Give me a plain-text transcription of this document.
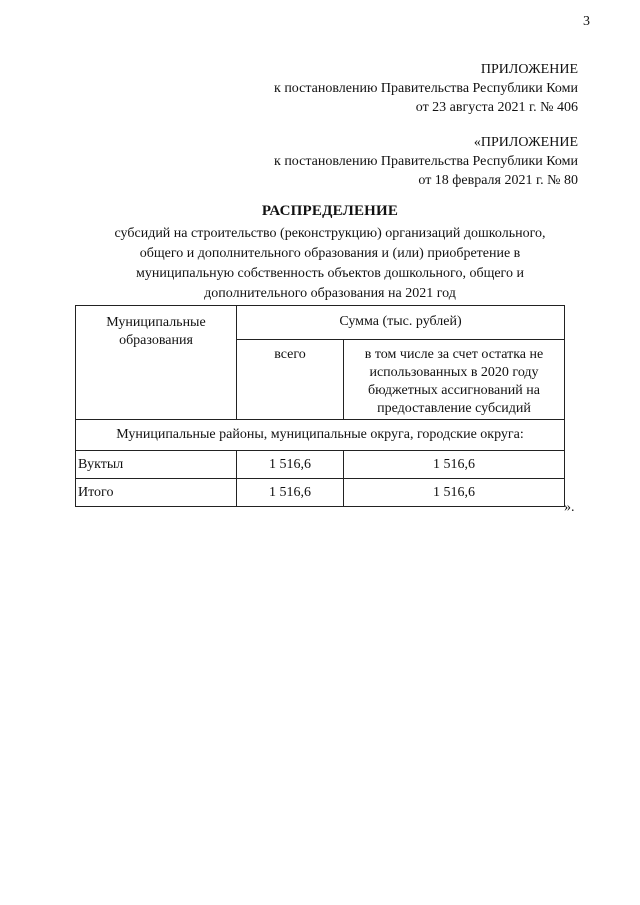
3
ПРИЛОЖЕНИЕ
к постановлению Правительства Республики Коми
от 23 августа 2021 г. № 406
«ПРИЛОЖЕНИЕ
к постановлению Правительства Республики Коми
от 18 февраля 2021 г. № 80
РАСПРЕДЕЛЕНИЕ
субсидий на строительство (реконструкцию) организаций дошкольного,
общего и дополнительного образования и (или) приобретение в
муниципальную собственность объектов дошкольного, общего и
дополнительного образования на 2021 год
Муниципальные
образования	Сумма (тыс. рублей)	
	всего	в том числе за счет остатка не
использованных в 2020 году
бюджетных ассигнований на
предоставление субсидий
Муниципальные районы, муниципальные округа, городские округа:		
Вуктыл	1 516,6	1 516,6
Итого	1 516,6	1 516,6
».
